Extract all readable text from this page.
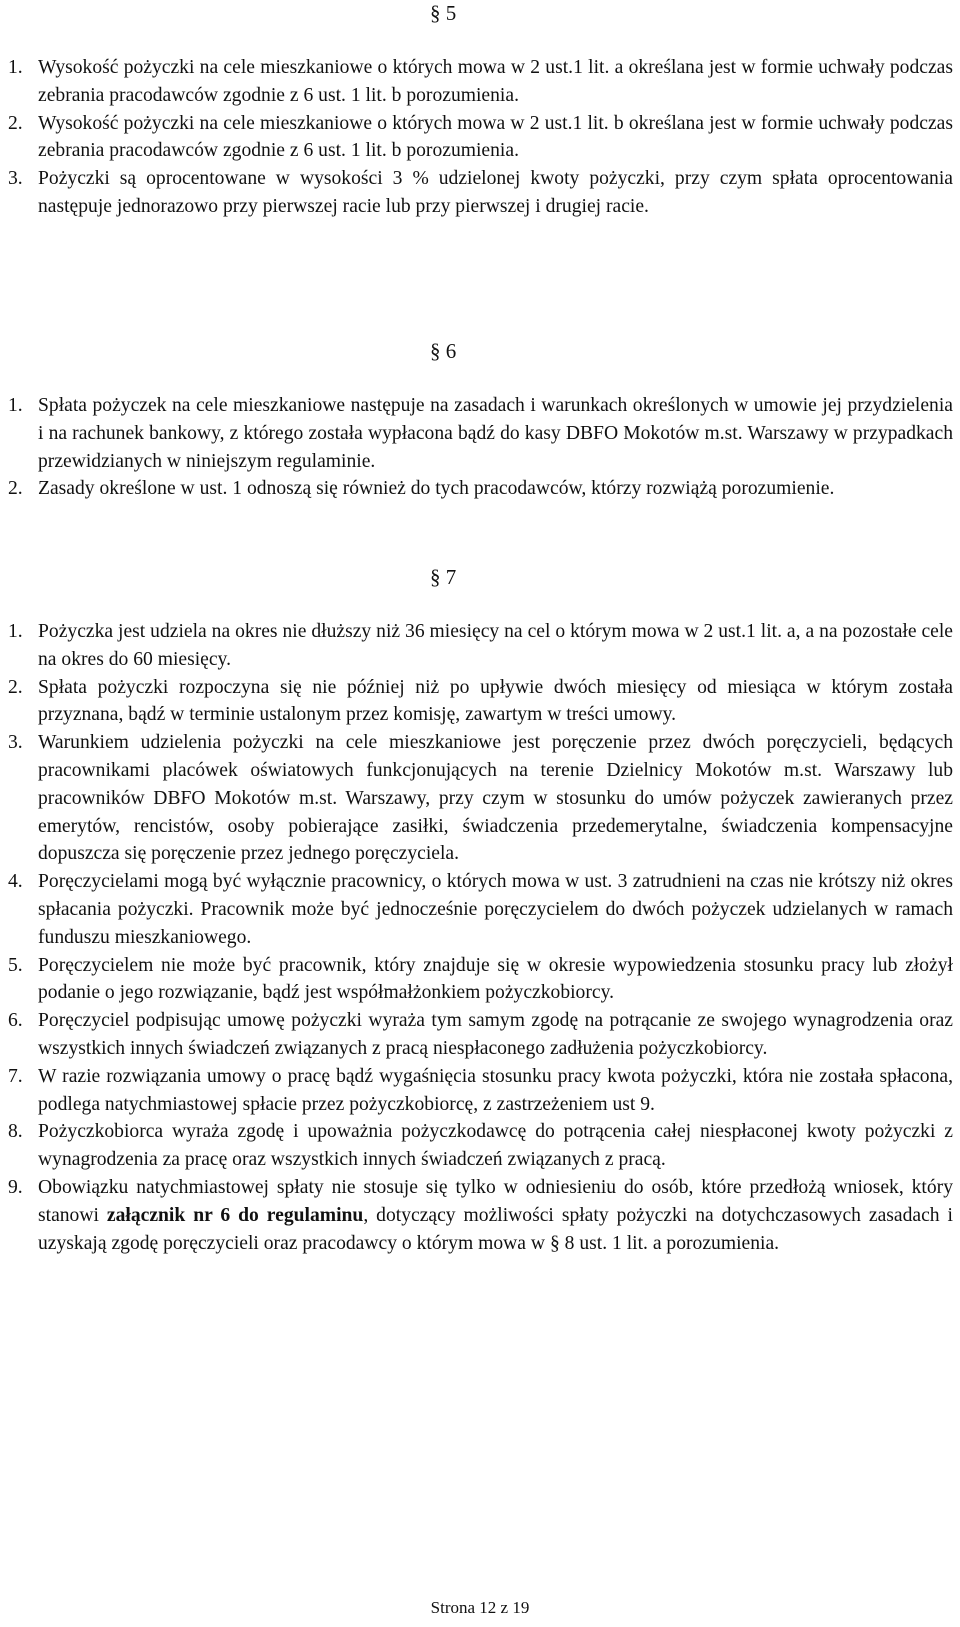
§ 5
1. Wysokość pożyczki na cele mieszkaniowe o których mowa w 2 ust.1 lit. a określana jest w formie uchwały podczas zebrania pracodawców zgodnie z 6 ust. 1 lit. b porozumienia.
2. Wysokość pożyczki na cele mieszkaniowe o których mowa w 2 ust.1 lit. b określana jest w formie uchwały podczas zebrania pracodawców zgodnie z 6 ust. 1 lit. b porozumienia.
3. Pożyczki są oprocentowane w wysokości 3 % udzielonej kwoty pożyczki, przy czym spłata oprocentowania następuje jednorazowo przy pierwszej racie lub przy pierwszej i drugiej racie.
§ 6
1. Spłata pożyczek na cele mieszkaniowe następuje na zasadach i warunkach określonych w umowie jej przydzielenia i na rachunek bankowy, z którego została wypłacona bądź do kasy DBFO Mokotów m.st. Warszawy w przypadkach przewidzianych w niniejszym regulaminie.
2. Zasady określone w ust. 1 odnoszą się również do tych pracodawców, którzy rozwiążą porozumienie.
§ 7
1. Pożyczka jest udziela na okres nie dłuższy niż 36 miesięcy na cel o którym mowa w 2 ust.1 lit. a, a na pozostałe cele na okres do 60 miesięcy.
2. Spłata pożyczki rozpoczyna się nie później niż po upływie dwóch miesięcy od miesiąca w którym została przyznana, bądź w terminie ustalonym przez komisję, zawartym w treści umowy.
3. Warunkiem udzielenia pożyczki na cele mieszkaniowe jest poręczenie przez dwóch poręczycieli, będących pracownikami placówek oświatowych funkcjonujących na terenie Dzielnicy Mokotów m.st. Warszawy lub pracowników DBFO Mokotów m.st. Warszawy, przy czym w stosunku do umów pożyczek zawieranych przez emerytów, rencistów, osoby pobierające zasiłki, świadczenia przedemerytalne, świadczenia kompensacyjne dopuszcza się poręczenie przez jednego poręczyciela.
4. Poręczycielami mogą być wyłącznie pracownicy, o których mowa w ust. 3 zatrudnieni na czas nie krótszy niż okres spłacania pożyczki. Pracownik może być jednocześnie poręczycielem do dwóch pożyczek udzielanych w ramach funduszu mieszkaniowego.
5. Poręczycielem nie może być pracownik, który znajduje się w okresie wypowiedzenia stosunku pracy lub złożył podanie o jego rozwiązanie, bądź jest współmałżonkiem pożyczkobiorcy.
6. Poręczyciel podpisując umowę pożyczki wyraża tym samym zgodę na potrącanie ze swojego wynagrodzenia oraz wszystkich innych świadczeń związanych z pracą niespłaconego zadłużenia pożyczkobiorcy.
7. W razie rozwiązania umowy o pracę bądź wygaśnięcia stosunku pracy kwota pożyczki, która nie została spłacona, podlega natychmiastowej spłacie przez pożyczkobiorcę, z zastrzeżeniem ust 9.
8. Pożyczkobiorca wyraża zgodę i upoważnia pożyczkodawcę do potrącenia całej niespłaconej kwoty pożyczki z wynagrodzenia za pracę oraz wszystkich innych świadczeń związanych z pracą.
9. Obowiązku natychmiastowej spłaty nie stosuje się tylko w odniesieniu do osób, które przedłożą wniosek, który stanowi załącznik nr 6 do regulaminu, dotyczący możliwości spłaty pożyczki na dotychczasowych zasadach i uzyskają zgodę poręczycieli oraz pracodawcy o którym mowa w § 8 ust. 1 lit. a porozumienia.
Strona 12 z 19
